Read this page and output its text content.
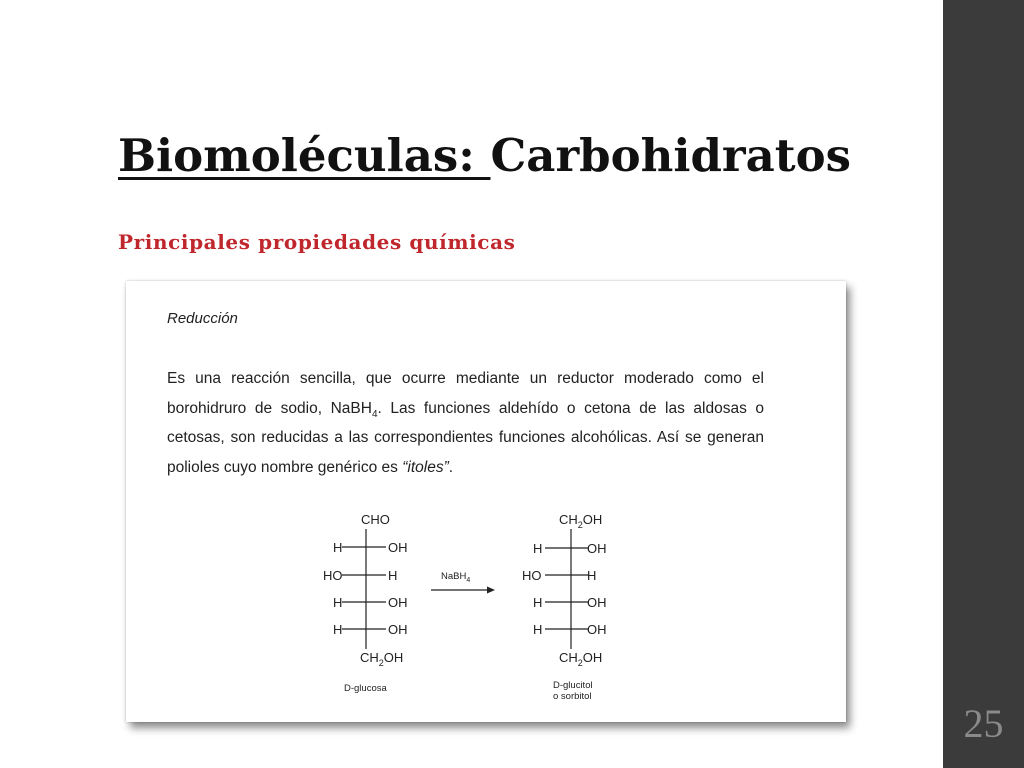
25
Biomoléculas: Carbohidratos
Principales propiedades químicas
Reducción
Es una reacción sencilla, que ocurre mediante un reductor moderado como el borohidruro de sodio, NaBH$_4$. Las funciones aldehído o cetona de las aldosas o cetosas, son reducidas a las correspondientes funciones alcohólicas. Así se generan polioles cuyo nombre genérico es “itoles”.
CHO
H	OH
HO	H
H	OH
H	OH
$CH_2OH$
D-glucosa
NaBH$_4$
$CH_2OH$
H	OH
HO	H
H	OH
H	OH
$CH_2OH$
D-glucitol
o sorbitol
